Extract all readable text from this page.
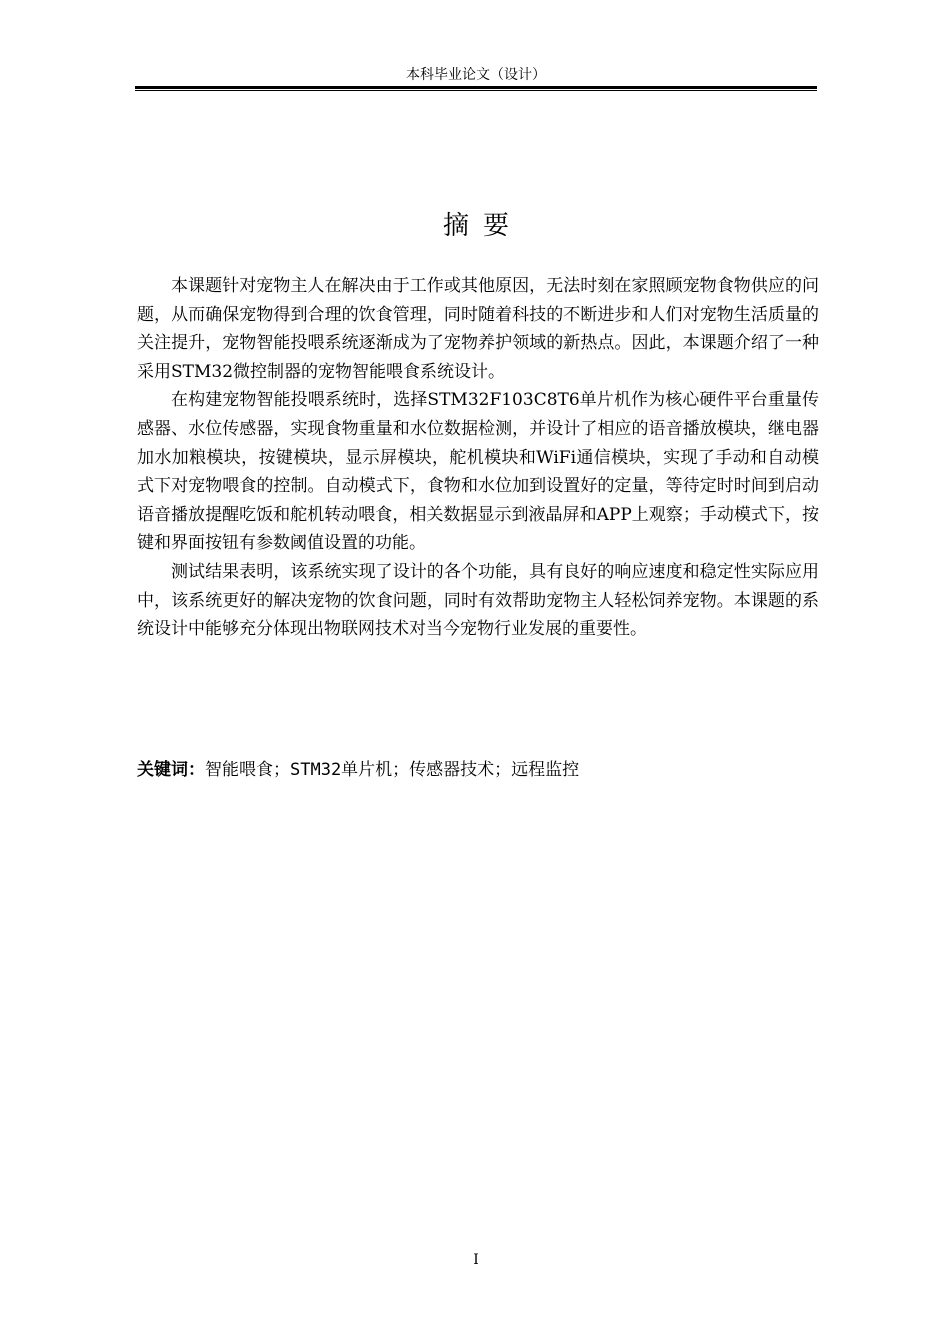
本科毕业论文（设计）
摘要

本课题针对宠物主人在解决由于工作或其他原因，无法时刻在家照顾宠物食物供应的问题，从而确保宠物得到合理的饮食管理，同时随着科技的不断进步和人们对宠物生活质量的关注提升，宠物智能投喂系统逐渐成为了宠物养护领域的新热点。因此，本课题介绍了一种采用STM32微控制器的宠物智能喂食系统设计。

在构建宠物智能投喂系统时，选择STM32F103C8T6单片机作为核心硬件平台重量传感器、水位传感器，实现食物重量和水位数据检测，并设计了相应的语音播放模块，继电器加水加粮模块，按键模块，显示屏模块，舵机模块和WiFi通信模块，实现了手动和自动模式下对宠物喂食的控制。自动模式下，食物和水位加到设置好的定量，等待定时时间到启动语音播放提醒吃饭和舵机转动喂食，相关数据显示到液晶屏和APP上观察；手动模式下，按键和界面按钮有参数阈值设置的功能。

测试结果表明，该系统实现了设计的各个功能，具有良好的响应速度和稳定性实际应用中，该系统更好的解决宠物的饮食问题，同时有效帮助宠物主人轻松饲养宠物。本课题的系统设计中能够充分体现出物联网技术对当今宠物行业发展的重要性。

关键词：智能喂食；STM32单片机；传感器技术；远程监控
I
